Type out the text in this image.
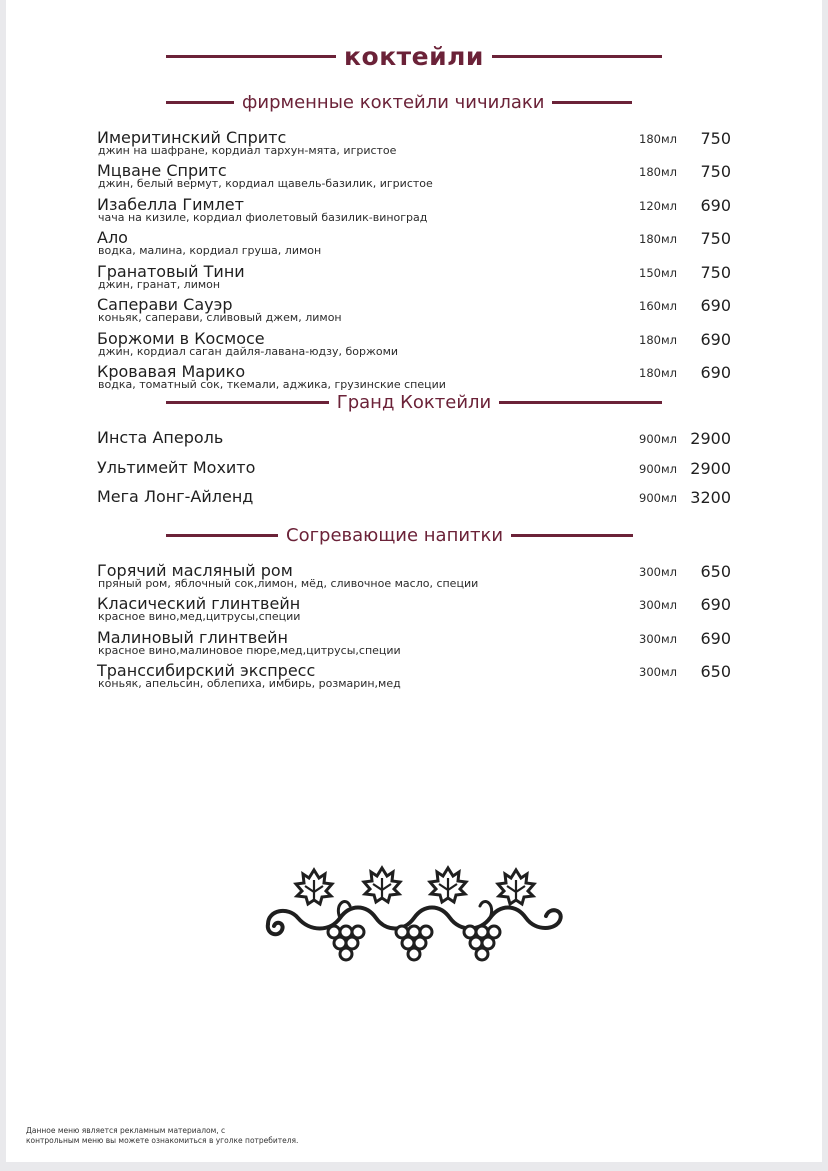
коктейли
фирменные коктейли чичилаки
Имеритинский Спритс
джин на шафране, кордиал тархун-мята, игристое
180мл 750
Мцване Спритс
джин, белый вермут, кордиал щавель-базилик, игристое
180мл 750
Изабелла Гимлет
чача на кизиле, кордиал фиолетовый базилик-виноград
120мл 690
Ало
водка, малина, кордиал груша, лимон
180мл 750
Гранатовый Тини
джин, гранат, лимон
150мл 750
Саперави Сауэр
коньяк, саперави, сливовый джем, лимон
160мл 690
Боржоми в Космосе
джин, кордиал саган дайля-лавана-юдзу, боржоми
180мл 690
Кровавая Марико
водка, томатный сок, ткемали, аджика, грузинские специи
180мл 690
Гранд Коктейли
Инста Апероль	900мл 2900
Ультимейт Мохито	900мл 2900
Мега Лонг-Айленд	900мл 3200
Согревающие напитки
Горячий масляный ром
пряный ром, яблочный сок,лимон, мёд, сливочное масло, специи
300мл 650
Класический глинтвейн
красное вино,мед,цитрусы,специи
300мл 690
Малиновый глинтвейн
красное вино,малиновое пюре,мед,цитрусы,специи
300мл 690
Транссибирский экспресс
коньяк, апельсин, облепиха, имбирь, розмарин,мед
300мл 650
Данное меню является рекламным материалом, с
контрольным меню вы можете ознакомиться в уголке потребителя.
